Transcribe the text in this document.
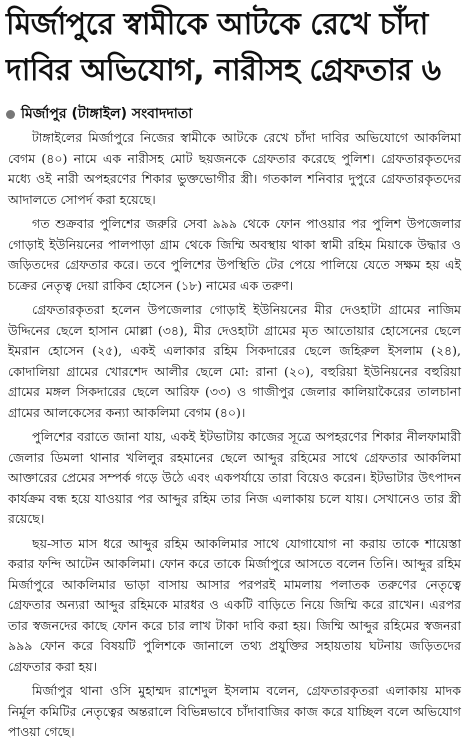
মির্জাপুরে স্বামীকে আটকে রেখে চাঁদা
দাবির অভিযোগ, নারীসহ গ্রেফতার ৬
মির্জাপুর (টাঙ্গাইল) সংবাদদাতা

টাঙ্গাইলের মির্জাপুরে নিজের স্বামীকে আটকে রেখে চাঁদা দাবির অভিযোগে আকলিমা বেগম (৪০) নামে এক নারীসহ মোট ছয়জনকে গ্রেফতার করেছে পুলিশ। গ্রেফতারকৃতদের মধ্যে ওই নারী অপহরণের শিকার ভুক্তভোগীর স্ত্রী। গতকাল শনিবার দুপুরে গ্রেফতারকৃতদের আদালতে সোপর্দ করা হয়েছে।

গত শুক্রবার পুলিশের জরুরি সেবা ৯৯৯ থেকে ফোন পাওয়ার পর পুলিশ উপজেলার গোড়াই ইউনিয়নের পালপাড়া গ্রাম থেকে জিম্মি অবস্থায় থাকা স্বামী রহিম মিয়াকে উদ্ধার ও জড়িতদের গ্রেফতার করে। তবে পুলিশের উপস্থিতি টের পেয়ে পালিয়ে যেতে সক্ষম হয় এই চক্রের নেতৃত্ব দেয়া রাকিব হোসেন (১৮) নামের এক তরুণ।

গ্রেফতারকৃতরা হলেন উপজেলার গোড়াই ইউনিয়নের মীর দেওহাটা গ্রামের নাজিম উদ্দিনের ছেলে হাসান মোল্লা (৩৪), মীর দেওহাটা গ্রামের মৃত আতোয়ার হোসেনের ছেলে ইমরান হোসেন (২৫), একই এলাকার রহিম সিকদারের ছেলে জহিরুল ইসলাম (২৪), কোদালিয়া গ্রামের খোরশেদ আলীর ছেলে মো: রানা (২০), বহুরিয়া ইউনিয়নের বহুরিয়া গ্রামের মঙ্গল সিকদারের ছেলে আরিফ (৩৩) ও গাজীপুর জেলার কালিয়াকৈরের তালচানা গ্রামের আলকেসের কন্যা আকলিমা বেগম (৪০)।

পুলিশের বরাতে জানা যায়, একই ইটভাটায় কাজের সূত্রে অপহরণের শিকার নীলফামারী জেলার ডিমলা থানার খলিলুর রহমানের ছেলে আব্দুর রহিমের সাথে গ্রেফতার আকলিমা আক্তারের প্রেমের সম্পর্ক গড়ে উঠে এবং একপর্যায়ে তারা বিয়েও করেন। ইটভাটার উৎপাদন কার্যক্রম বন্ধ হয়ে যাওয়ার পর আব্দুর রহিম তার নিজ এলাকায় চলে যায়। সেখানেও তার স্ত্রী রয়েছে।

ছয়-সাত মাস ধরে আব্দুর রহিম আকলিমার সাথে যোগাযোগ না করায় তাকে শায়েস্তা করার ফন্দি আটেন আকলিমা। ফোন করে তাকে মির্জাপুরে আসতে বলেন তিনি। আব্দুর রহিম মির্জাপুরে আকলিমার ভাড়া বাসায় আসার পরপরই মামলায় পলাতক তরুণের নেতৃত্বে গ্রেফতার অন্যরা আব্দুর রহিমকে মারধর ও একটি বাড়িতে নিয়ে জিম্মি করে রাখেন। এরপর তার স্বজনদের কাছে ফোন করে চার লাখ টাকা দাবি করা হয়। জিম্মি আব্দুর রহিমের স্বজনরা ৯৯৯ ফোন করে বিষয়টি পুলিশকে জানালে তথ্য প্রযুক্তির সহায়তায় ঘটনায় জড়িতদের গ্রেফতার করা হয়।

মির্জাপুর থানা ওসি মুহাম্মদ রাশেদুল ইসলাম বলেন, গ্রেফতারকৃতরা এলাকায় মাদক নির্মূল কমিটির নেতৃত্বের অন্তরালে বিভিন্নভাবে চাঁদাবাজির কাজ করে যাচ্ছিল বলে অভিযোগ পাওয়া গেছে।
